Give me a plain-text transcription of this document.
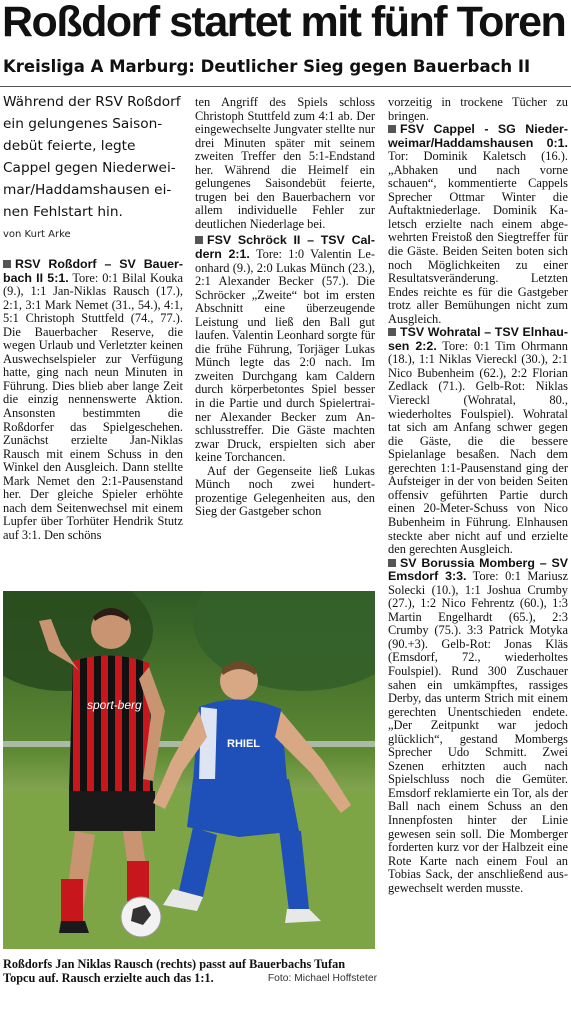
Roßdorf startet mit fünf Toren
Kreisliga A Marburg: Deutlicher Sieg gegen Bauerbach II

Während der RSV Roßdorf ein gelungenes Saisondebüt feierte, legte Cappel gegen Niederweimar/Haddamshausen einen Fehlstart hin.

von Kurt Arke

RSV Roßdorf – SV Bauerbach II 5:1. Tore: 0:1 Bilal Kouka (9.), 1:1 Jan-Niklas Rausch (17.), 2:1, 3:1 Mark Nemet (31., 54.), 4:1, 5:1 Christoph Stuttfeld (74., 77.). Die Bauerbacher Reserve, die wegen Urlaub und Verletzter keinen Auswechselspieler zur Verfügung hatte, ging nach neun Minuten in Führung. Dies blieb aber lange Zeit die einzig nennenswerte Aktion. Ansonsten bestimmten die Roßdorfer das Spielgeschehen. Zunächst erzielte Jan-Niklas Rausch mit einem Schuss in den Winkel den Ausgleich. Dann stellte Mark Nemet den 2:1-Pausenstand her. Der gleiche Spieler erhöhte nach dem Seitenwechsel mit einem Lupfer über Torhüter Hendrik Stutz auf 3:1. Den schöns

ten Angriff des Spiels schloss Christoph Stuttfeld zum 4:1 ab. Der eingewechselte Jungvater stellte nur drei Minuten später mit seinem zweiten Treffer den 5:1-Endstand her. Während die Heimelf ein gelungenes Saisondebüt feierte, trugen bei den Bauerbachern vor allem individuelle Fehler zur deutlichen Niederlage bei.

FSV Schröck II – TSV Caldern 2:1. Tore: 1:0 Valentin Leonhard (9.), 2:0 Lukas Münch (23.), 2:1 Alexander Becker (57.). Die Schröcker „Zweite“ bot im ersten Abschnitt eine überzeugende Leistung und ließ den Ball gut laufen. Valentin Leonhard sorgte für die frühe Führung, Torjäger Lukas Münch legte das 2:0 nach. Im zweiten Durchgang kam Caldern durch körperbetontes Spiel besser in die Partie und durch Spielertrainer Alexander Becker zum Anschlusstreffer. Die Gäste machten zwar Druck, erspielten sich aber keine Torchancen.

Auf der Gegenseite ließ Lukas Münch noch zwei hundertprozentige Gelegenheiten aus, den Sieg der Gastgeber schon

vorzeitig in trockene Tücher zu bringen.

FSV Cappel - SG Niederweimar/Haddamshausen 0:1. Tor: Dominik Kaletsch (16.). „Abhaken und nach vorne schauen“, kommentierte Cappels Sprecher Ottmar Winter die Auftaktniederlage. Dominik Kaletsch erzielte nach einem abgewehrten Freistoß den Siegtreffer für die Gäste. Beiden Seiten boten sich noch Möglichkeiten zu einer Resultatsveränderung. Letzten Endes reichte es für die Gastgeber trotz aller Bemühungen nicht zum Ausgleich.

TSV Wohratal – TSV Elnhausen 2:2. Tore: 0:1 Tim Ohrmann (18.), 1:1 Niklas Viereckl (30.), 2:1 Nico Bubenheim (62.), 2:2 Florian Zedlack (71.). Gelb-Rot: Niklas Viereckl (Wohratal, 80., wiederholtes Foulspiel). Wohratal tat sich am Anfang schwer gegen die Gäste, die die bessere Spielanlage besaßen. Nach dem gerechten 1:1-Pausenstand ging der Aufsteiger in der von beiden Seiten offensiv geführten Partie durch einen 20-Meter-Schuss von Nico Bubenheim in Führung. Elnhausen steckte aber nicht auf und erzielte den gerechten Ausgleich.

SV Borussia Momberg – SV Emsdorf 3:3. Tore: 0:1 Mariusz Solecki (10.), 1:1 Joshua Crumby (27.), 1:2 Nico Fehrentz (60.), 1:3 Martin Engelhardt (65.), 2:3 Crumby (75.). 3:3 Patrick Motyka (90.+3). Gelb-Rot: Jonas Kläs (Emsdorf, 72., wiederholtes Foulspiel). Rund 300 Zuschauer sahen ein umkämpftes, rassiges Derby, das unterm Strich mit einem gerechten Unentschieden endete. „Der Zeitpunkt war jedoch glücklich“, gestand Mombergs Sprecher Udo Schmitt. Zwei Szenen erhitzten auch nach Spielschluss noch die Gemüter. Emsdorf reklamierte ein Tor, als der Ball nach einem Schuss an den Innenpfosten hinter der Linie gewesen sein soll. Die Momberger forderten kurz vor der Halbzeit eine Rote Karte nach einem Foul an Tobias Sack, der anschließend ausgewechselt werden musste.

sport-berg
RHIEL
Roßdorfs Jan Niklas Rausch (rechts) passt auf Bauerbachs Tufan Topcu auf. Rausch erzielte auch das 1:1.	Foto: Michael Hoffsteter
